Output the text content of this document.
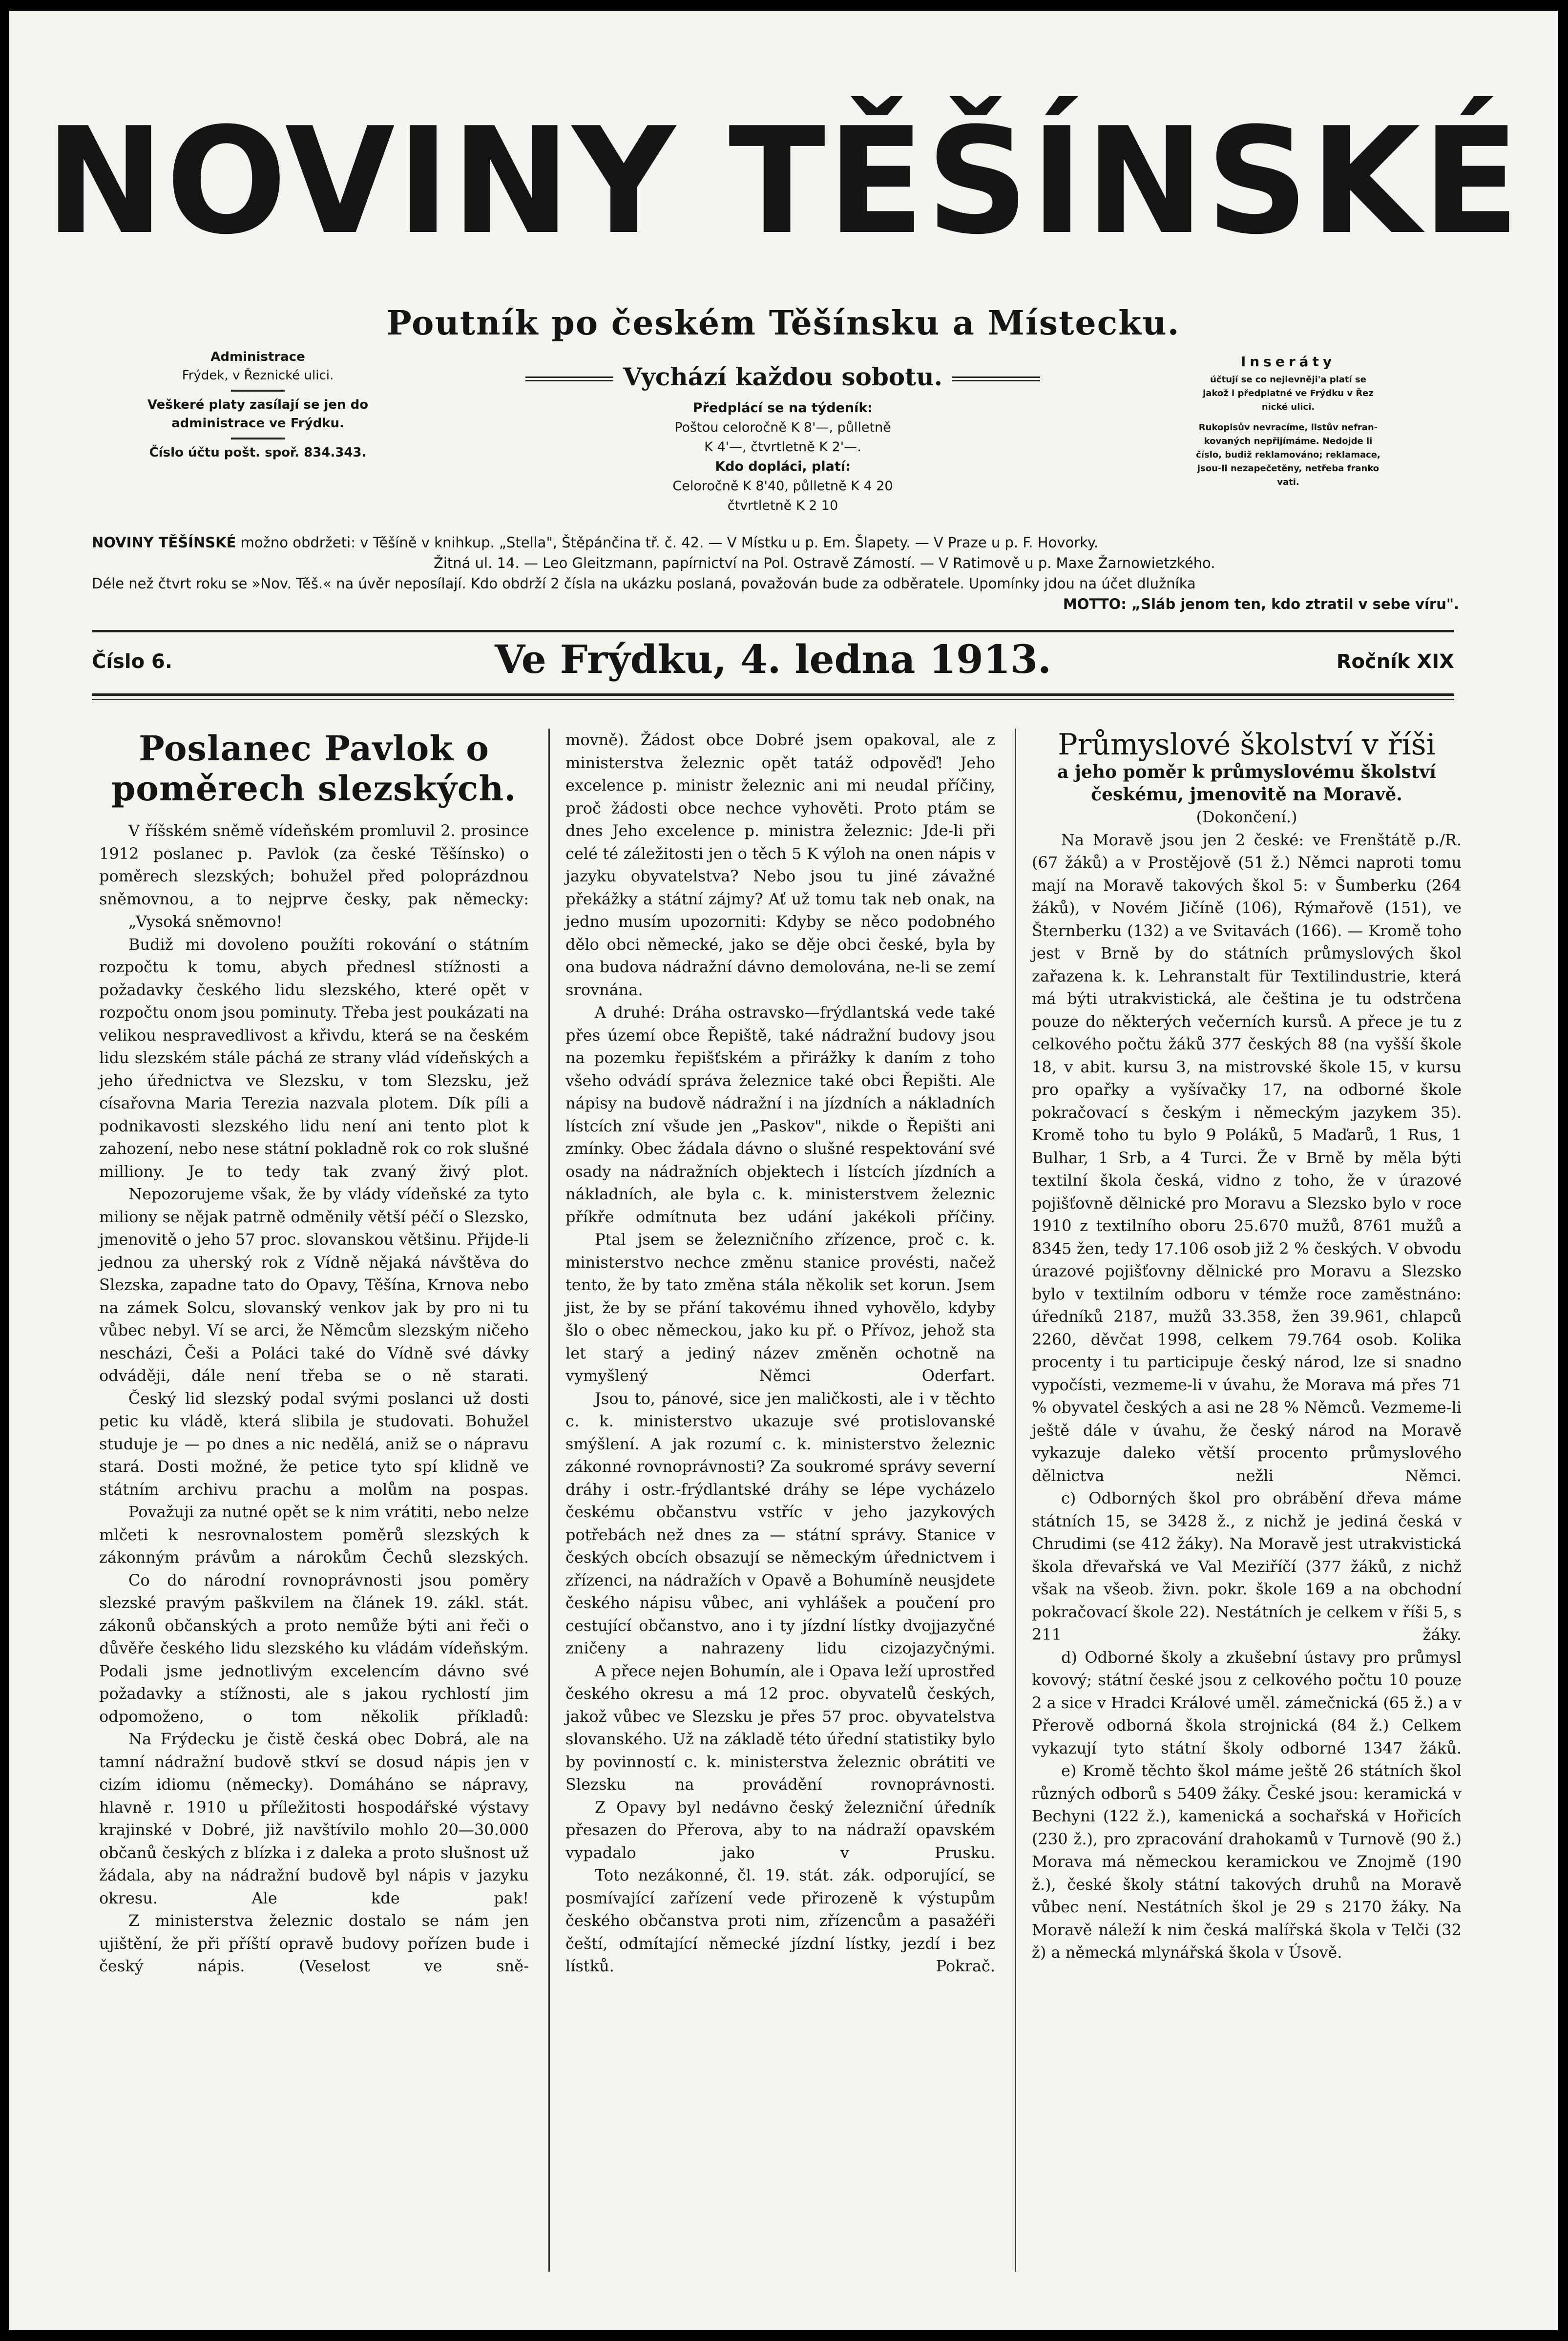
NOVINY TĚŠÍNSKÉ
Poutník po českém Těšínsku a Místecku.
Administrace
Frýdek, v Řeznické ulici.
Veškeré platy zasílají se jen do
administrace ve Frýdku.
Číslo účtu pošt. spoř. 834.343.
Vychází každou sobotu.
Předplácí se na týdeník:
Poštou celoročně K 8'—, půlletně
K 4'—, čtvrtletně K 2'—.
Kdo dopláci, platí:
Celoročně K 8'40, půlletně K 4 20
čtvrtletně K 2 10
Inseráty

účtují se co nejlevněji'a platí se
jakož i předplatné ve Frýdku v Řez
nické ulici.

Rukopisův nevracíme, listův nefran-
kovaných nepřijímáme. Nedojde li
číslo, budiž reklamováno; reklamace,
jsou-li nezapečetěny, netřeba franko
vati.

NOVINY TĚŠÍNSKÉ možno obdržeti: v Těšíně v knihkup. „Stella", Štěpánčina tř. č. 42. — V Místku u p. Em. Šlapety. — V Praze u p. F. Hovorky.
Žitná ul. 14. — Leo Gleitzmann, papírnictví na Pol. Ostravě Zámostí. — V Ratimově u p. Maxe Žarnowietzkého.
Déle než čtvrt roku se »Nov. Těš.« na úvěr neposílají. Kdo obdrží 2 čísla na ukázku poslaná, považován bude za odběratele. Upomínky jdou na účet dlužníka
MOTTO: „Sláb jenom ten, kdo ztratil v sebe víru".
Číslo 6.	Ve Frýdku, 4. ledna 1913.	Ročník XIX
Poslanec Pavlok o poměrech slezských.

V říšském sněmě vídeňském promluvil 2. prosince 1912 poslanec p. Pavlok (za české Těšínsko) o poměrech slezských; bohužel před poloprázdnou sněmovnou, a to nejprve česky, pak německy:

„Vysoká sněmovno!

Budiž mi dovoleno použíti rokování o státním rozpočtu k tomu, abych přednesl stížnosti a požadavky českého lidu slezského, které opět v rozpočtu onom jsou pominuty. Třeba jest poukázati na velikou nespravedlivost a křivdu, která se na českém lidu slezském stále páchá ze strany vlád vídeňských a jeho úřednictva ve Slezsku, v tom Slezsku, jež císařovna Maria Terezia nazvala plotem. Dík píli a podnikavosti slezského lidu není ani tento plot k zahození, nebo nese státní pokladně rok co rok slušné milliony. Je to tedy tak zvaný živý plot.

Nepozorujeme však, že by vlády vídeňské za tyto miliony se nějak patrně odměnily větší péčí o Slezsko, jmenovitě o jeho 57 proc. slovanskou většinu. Přijde-li jednou za uherský rok z Vídně nějaká návštěva do Slezska, zapadne tato do Opavy, Těšína, Krnova nebo na zámek Solcu, slovanský venkov jak by pro ni tu vůbec nebyl. Ví se arci, že Němcům slezským ničeho nescházi, Češi a Poláci také do Vídně své dávky odváději, dále není třeba se o ně starati.

Český lid slezský podal svými poslanci už dosti petic ku vládě, která slibila je studovati. Bohužel studuje je — po dnes a nic nedělá, aniž se o nápravu stará. Dosti možné, že petice tyto spí klidně ve státním archivu prachu a molům na pospas.

Považuji za nutné opět se k nim vrátiti, nebo nelze mlčeti k nesrovnalostem poměrů slezských k zákonným právům a nárokům Čechů slezských.

Co do národní rovnoprávnosti jsou poměry slezské pravým paškvilem na článek 19. zákl. stát. zákonů občanských a proto nemůže býti ani řeči o důvěře českého lidu slezského ku vládám vídeňským. Podali jsme jednotlivým excelencím dávno své požadavky a stížnosti, ale s jakou rychlostí jim odpomoženo, o tom několik příkladů:

Na Frýdecku je čistě česká obec Dobrá, ale na tamní nádražní budově stkví se dosud nápis jen v cizím idiomu (německy). Domáháno se nápravy, hlavně r. 1910 u příležitosti hospodářské výstavy krajinské v Dobré, již navštívilo mohlo 20—30.000 občanů českých z blízka i z daleka a proto slušnost už žádala, aby na nádražní budově byl nápis v jazyku okresu. Ale kde pak!

Z ministerstva železnic dostalo se nám jen ujištění, že při příští opravě budovy pořízen bude i český nápis. (Veselost ve sně-

movně). Žádost obce Dobré jsem opakoval, ale z ministerstva železnic opět tatáž odpověď! Jeho excelence p. ministr železnic ani mi neudal příčiny, proč žádosti obce nechce vyhověti. Proto ptám se dnes Jeho excelence p. ministra železnic: Jde-li při celé té záležitosti jen o těch 5 K výloh na onen nápis v jazyku obyvatelstva? Nebo jsou tu jiné závažné překážky a státní zájmy? Ať už tomu tak neb onak, na jedno musím upozorniti: Kdyby se něco podobného dělo obci německé, jako se děje obci české, byla by ona budova nádražní dávno demolována, ne-li se zemí srovnána.

A druhé: Dráha ostravsko—frýdlantská vede také přes území obce Řepiště, také nádražní budovy jsou na pozemku řepišťském a přirážky k daním z toho všeho odvádí správa železnice také obci Řepišti. Ale nápisy na budově nádražní i na jízdních a nákladních lístcích zní všude jen „Paskov", nikde o Řepišti ani zmínky. Obec žádala dávno o slušné respektování své osady na nádražních objektech i lístcích jízdních a nákladních, ale byla c. k. ministerstvem železnic příkře odmítnuta bez udání jakékoli příčiny.

Ptal jsem se železničního zřízence, proč c. k. ministerstvo nechce změnu stanice provésti, načež tento, že by tato změna stála několik set korun. Jsem jist, že by se přání takovému ihned vyhovělo, kdyby šlo o obec německou, jako ku př. o Přívoz, jehož sta let starý a jediný název změněn ochotně na vymyšlený Němci Oderfart.

Jsou to, pánové, sice jen maličkosti, ale i v těchto c. k. ministerstvo ukazuje své protislovanské smýšlení. A jak rozumí c. k. ministerstvo železnic zákonné rovnoprávnosti? Za soukromé správy severní dráhy i ostr.-frýdlantské dráhy se lépe vycházelo českému občanstvu vstříc v jeho jazykových potřebách než dnes za — státní správy. Stanice v českých obcích obsazují se německým úřednictvem i zřízenci, na nádražích v Opavě a Bohumíně neusjdete českého nápisu vůbec, ani vyhlášek a poučení pro cestující občanstvo, ano i ty jízdní lístky dvojjazyčné zničeny a nahrazeny lidu cizojazyčnými.

A přece nejen Bohumín, ale i Opava leží uprostřed českého okresu a má 12 proc. obyvatelů českých, jakož vůbec ve Slezsku je přes 57 proc. obyvatelstva slovanského. Už na základě této úřední statistiky bylo by povinností c. k. ministerstva železnic obrátiti ve Slezsku na provádění rovnoprávnosti.

Z Opavy byl nedávno český železniční úředník přesazen do Přerova, aby to na nádraží opavském vypadalo jako v Prusku.

Toto nezákonné, čl. 19. stát. zák. odporující, se posmívající zařízení vede přirozeně k výstupům českého občanstva proti nim, zřízencům a pasažéři čeští, odmítající německé jízdní lístky, jezdí i bez lístků. Pokrač.

Průmyslové školství v říši
a jeho poměr k průmyslovému školství českému, jmenovitě na Moravě.
(Dokončení.)

Na Moravě jsou jen 2 české: ve Frenštátě p./R. (67 žáků) a v Prostějově (51 ž.) Němci naproti tomu mají na Moravě takových škol 5: v Šumberku (264 žáků), v Novém Jičíně (106), Rýmařově (151), ve Šternberku (132) a ve Svitavách (166). — Kromě toho jest v Brně by do státních průmyslových škol zařazena k. k. Lehranstalt für Textilindustrie, která má býti utrakvistická, ale čeština je tu odstrčena pouze do některých večerních kursů. A přece je tu z celkového počtu žáků 377 českých 88 (na vyšší škole 18, v abit. kursu 3, na mistrovské škole 15, v kursu pro opařky a vyšívačky 17, na odborné škole pokračovací s českým i německým jazykem 35). Kromě toho tu bylo 9 Poláků, 5 Maďarů, 1 Rus, 1 Bulhar, 1 Srb, a 4 Turci. Že v Brně by měla býti textilní škola česká, vidno z toho, že v úrazové pojišťovně dělnické pro Moravu a Slezsko bylo v roce 1910 z textilního oboru 25.670 mužů, 8761 mužů a 8345 žen, tedy 17.106 osob již 2 % českých. V obvodu úrazové pojišťovny dělnické pro Moravu a Slezsko bylo v textilním odboru v témže roce zaměstnáno: úředníků 2187, mužů 33.358, žen 39.961, chlapců 2260, děvčat 1998, celkem 79.764 osob. Kolika procenty i tu participuje český národ, lze si snadno vypočísti, vezmeme-li v úvahu, že Morava má přes 71 % obyvatel českých a asi ne 28 % Němců. Vezmeme-li ještě dále v úvahu, že český národ na Moravě vykazuje daleko větší procento průmyslového dělnictva nežli Němci.

c) Odborných škol pro obrábění dřeva máme státních 15, se 3428 ž., z nichž je jediná česká v Chrudimi (se 412 žáky). Na Moravě jest utrakvistická škola dřevařská ve Val Meziříčí (377 žáků, z nichž však na všeob. živn. pokr. škole 169 a na obchodní pokračovací škole 22). Nestátních je celkem v říši 5, s 211 žáky.

d) Odborné školy a zkušební ústavy pro průmysl kovový; státní české jsou z celkového počtu 10 pouze 2 a sice v Hradci Králové uměl. zámečnická (65 ž.) a v Přerově odborná škola strojnická (84 ž.) Celkem vykazují tyto státní školy odborné 1347 žáků.

e) Kromě těchto škol máme ještě 26 státních škol různých odborů s 5409 žáky. České jsou: keramická v Bechyni (122 ž.), kamenická a sochařská v Hořicích (230 ž.), pro zpracování drahokamů v Turnově (90 ž.) Morava má německou keramickou ve Znojmě (190 ž.), české školy státní takových druhů na Moravě vůbec není. Nestátních škol je 29 s 2170 žáky. Na Moravě náleží k nim česká malířská škola v Telči (32 ž) a německá mlynářská škola v Úsově.
